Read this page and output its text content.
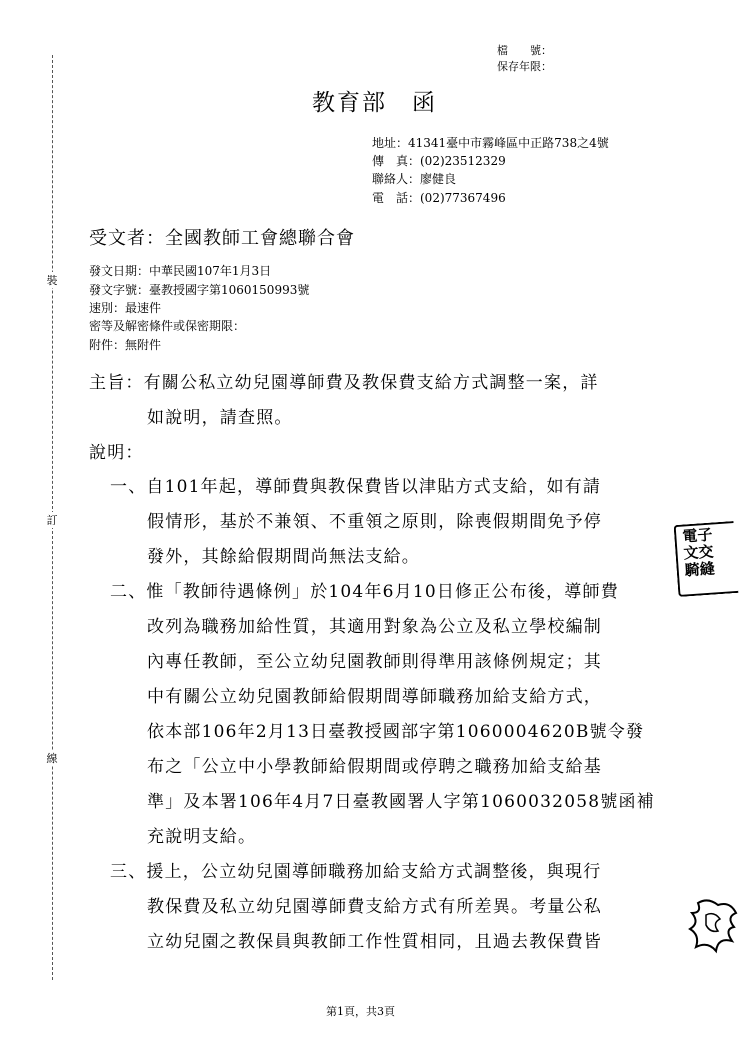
檔　　號：
保存年限：
教育部　函
地址：41341臺中市霧峰區中正路738之4號
傳　真：(02)23512329
聯絡人：廖健良
電　話：(02)77367496
受文者：全國教師工會總聯合會
發文日期：中華民國107年1月3日
發文字號：臺教授國字第1060150993號
速別：最速件
密等及解密條件或保密期限：
附件：無附件
主旨：有關公私立幼兒園導師費及教保費支給方式調整一案，詳
如說明，請查照。
說明：
一、自101年起，導師費與教保費皆以津貼方式支給，如有請
假情形，基於不兼領、不重領之原則，除喪假期間免予停
發外，其餘給假期間尚無法支給。
二、惟「教師待遇條例」於104年6月10日修正公布後，導師費
改列為職務加給性質，其適用對象為公立及私立學校編制
內專任教師，至公立幼兒園教師則得準用該條例規定；其
中有關公立幼兒園教師給假期間導師職務加給支給方式，
依本部106年2月13日臺教授國部字第1060004620B號令發
布之「公立中小學教師給假期間或停聘之職務加給支給基
準」及本署106年4月7日臺教國署人字第1060032058號函補
充說明支給。
三、援上，公立幼兒園導師職務加給支給方式調整後，與現行
教保費及私立幼兒園導師費支給方式有所差異。考量公私
立幼兒園之教保員與教師工作性質相同，且過去教保費皆
裝
訂
線
電子
文交
騎縫
第1頁，共3頁
